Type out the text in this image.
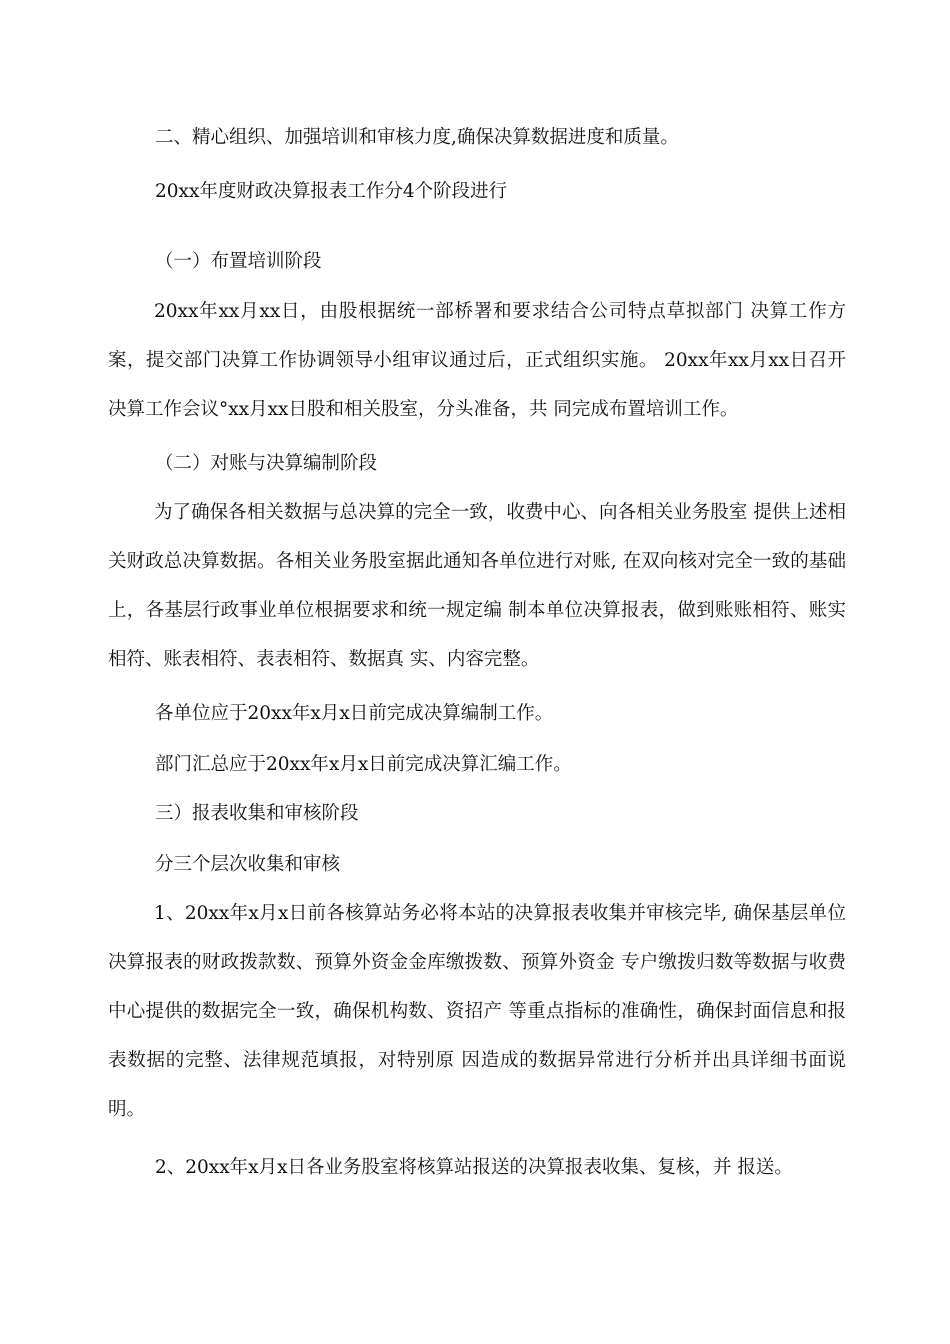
二、精心组织、加强培训和审核力度,确保决算数据进度和质量。
20xx年度财政决算报表工作分4个阶段进行
（一）布置培训阶段
20xx年xx月xx日，由股根据统一部桥署和要求结合公司特点草拟部门 决算工作方案，提交部门决算工作协调领导小组审议通过后，正式组织实施。 20xx年xx月xx日召开决算工作会议°xx月xx日股和相关股室，分头准备，共 同完成布置培训工作。
（二）对账与决算编制阶段
为了确保各相关数据与总决算的完全一致，收费中心、向各相关业务股室 提供上述相关财政总决算数据。各相关业务股室据此通知各单位进行对账, 在双向核对完全一致的基础上，各基层行政事业单位根据要求和统一规定编 制本单位决算报表，做到账账相符、账实相符、账表相符、表表相符、数据真 实、内容完整。
各单位应于20xx年x月x日前完成决算编制工作。
部门汇总应于20xx年x月x日前完成决算汇编工作。
三）报表收集和审核阶段
分三个层次收集和审核
1、20xx年x月x日前各核算站务必将本站的决算报表收集并审核完毕, 确保基层单位决算报表的财政拨款数、预算外资金金库缴拨数、预算外资金 专户缴拨归数等数据与收费中心提供的数据完全一致，确保机构数、资招产 等重点指标的准确性，确保封面信息和报表数据的完整、法律规范填报，对特别原 因造成的数据异常进行分析并出具详细书面说明。
2、20xx年x月x日各业务股室将核算站报送的决算报表收集、复核，并 报送。
